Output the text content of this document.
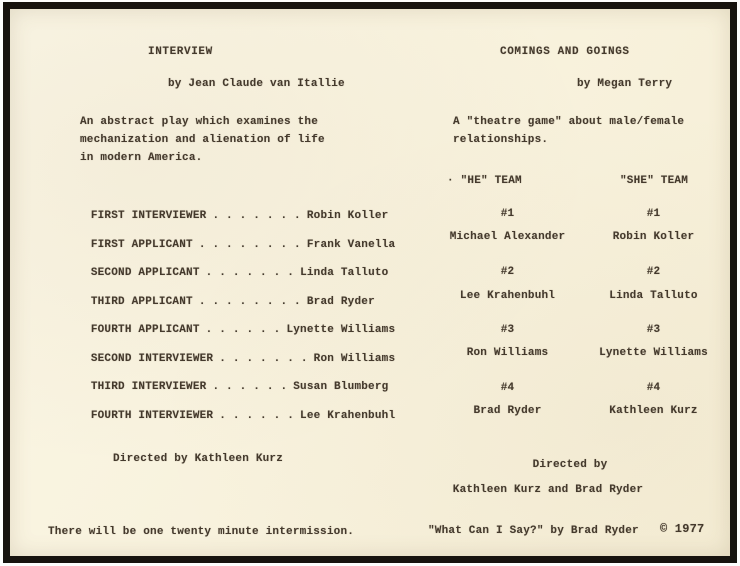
INTERVIEW
by Jean Claude van Itallie
An abstract play which examines the
mechanization and alienation of life
in modern America.

FIRST INTERVIEWER . . . . . . . Robin Koller

FIRST APPLICANT . . . . . . . . Frank Vanella

SECOND APPLICANT . . . . . . . Linda Talluto

THIRD APPLICANT . . . . . . . . Brad Ryder

FOURTH APPLICANT . . . . . . Lynette Williams

SECOND INTERVIEWER . . . . . . . Ron Williams

THIRD INTERVIEWER . . . . . . Susan Blumberg

FOURTH INTERVIEWER . . . . . . Lee Krahenbuhl

Directed by Kathleen Kurz
There will be one twenty minute intermission.
COMINGS AND GOINGS
by Megan Terry
A "theatre game" about male/female
relationships.
· "HE" TEAM	"SHE" TEAM
#1	#1
Michael Alexander	Robin Koller
#2	#2
Lee Krahenbuhl	Linda Talluto
#3	#3
Ron Williams	Lynette Williams
#4	#4
Brad Ryder	Kathleen Kurz
Directed by
Kathleen Kurz and Brad Ryder
"What Can I Say?" by Brad Ryder © 1977
